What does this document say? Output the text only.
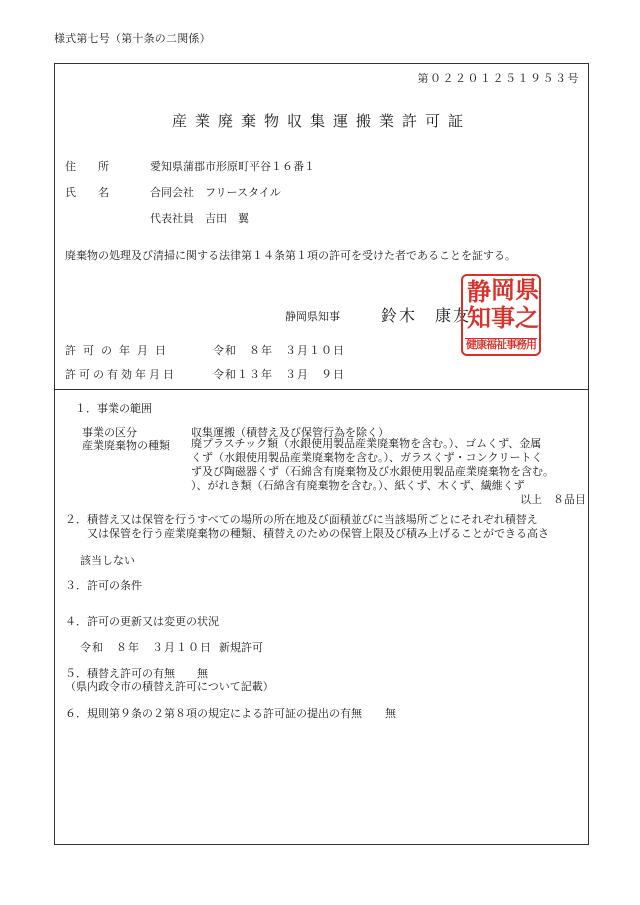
様式第七号（第十条の二関係）
第０２２０１２５１９５３号
産業廃棄物収集運搬業許可証
住所 愛知県蒲郡市形原町平谷１６番１
氏名 合同会社　フリースタイル
代表社員　吉田　翼
廃棄物の処理及び清掃に関する法律第１４条第１項の許可を受けた者であることを証する。
静岡県知事	鈴木　康友
静 岡 県
知 事 之
健康福祉事務用
許可の年月日	令和　８年　３月１０日
許可の有効年月日	令和１３年　３月　９日
１．事業の範囲
事業の区分	収集運搬（積替え及び保管行為を除く）
産業廃棄物の種類 廃プラスチック類（水銀使用製品産業廃棄物を含む。）、ゴムくず、金属
くず（水銀使用製品産業廃棄物を含む。）、ガラスくず・コンクリートく
ず及び陶磁器くず（石綿含有廃棄物及び水銀使用製品産業廃棄物を含む。
）、がれき類（石綿含有廃棄物を含む。）、紙くず、木くず、繊維くず
以上　８品目
２．積替え又は保管を行うすべての場所の所在地及び面積並びに当該場所ごとにそれぞれ積替え
又は保管を行う産業廃棄物の種類、積替えのための保管上限及び積み上げることができる高さ
該当しない
３．許可の条件
４．許可の更新又は変更の状況
令和　８年　３月１０日 新規許可
５．積替え許可の有無 無
（県内政令市の積替え許可について記載）
６．規則第９条の２第８項の規定による許可証の提出の有無 無
